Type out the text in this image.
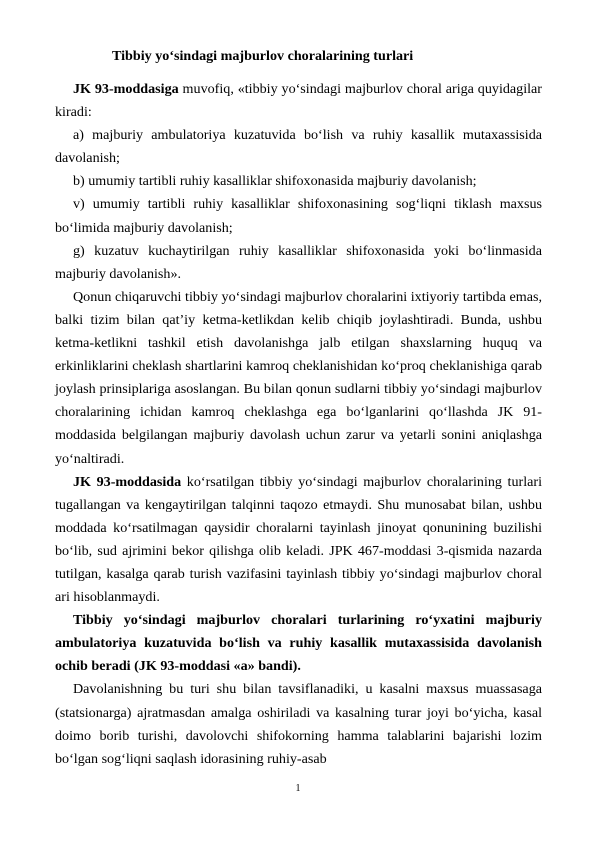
Tibbiy yo‘sindagi majburlov choralarining turlari

JK 93-moddasiga muvofiq, «tibbiy yo‘sindagi majburlov choral ariga quyidagilar kiradi:

a) majburiy ambulatoriya kuzatuvida bo‘lish va ruhiy kasallik mutaxassisida davolanish;

b) umumiy tartibli ruhiy kasalliklar shifoxonasida majburiy davolanish;

v) umumiy tartibli ruhiy kasalliklar shifoxonasining sog‘liqni tiklash maxsus bo‘limida majburiy davolanish;

g) kuzatuv kuchaytirilgan ruhiy kasalliklar shifoxonasida yoki bo‘linmasida majburiy davolanish».

Qonun chiqaruvchi tibbiy yo‘sindagi majburlov choralarini ixtiyoriy tartibda emas, balki tizim bilan qat’iy ketma-ketlikdan kelib chiqib joylashtiradi. Bunda, ushbu ketma-ketlikni tashkil etish davolanishga jalb etilgan shaxslarning huquq va erkinliklarini cheklash shartlarini kamroq cheklanishidan ko‘proq cheklanishiga qarab joylash prinsiplariga asoslangan. Bu bilan qonun sudlarni tibbiy yo‘sindagi majburlov choralarining ichidan kamroq cheklashga ega bo‘lganlarini qo‘llashda JK 91-moddasida belgilangan majburiy davolash uchun zarur va yetarli sonini aniqlashga yo‘naltiradi.

JK 93-moddasida ko‘rsatilgan tibbiy yo‘sindagi majburlov choralarining turlari tugallangan va kengaytirilgan talqinni taqozo etmaydi. Shu munosabat bilan, ushbu moddada ko‘rsatilmagan qaysidir choralarni tayinlash jinoyat qonunining buzilishi bo‘lib, sud ajrimini bekor qilishga olib keladi. JPK 467-moddasi 3-qismida nazarda tutilgan, kasalga qarab turish vazifasini tayinlash tibbiy yo‘sindagi majburlov choral ari hisoblanmaydi.

Tibbiy yo‘sindagi majburlov choralari turlarining ro‘yxatini majburiy ambulatoriya kuzatuvida bo‘lish va ruhiy kasallik mutaxassisida davolanish ochib beradi (JK 93-moddasi «a» bandi).

Davolanishning bu turi shu bilan tavsiflanadiki, u kasalni maxsus muassasaga (statsionarga) ajratmasdan amalga oshiriladi va kasalning turar joyi bo‘yicha, kasal doimo borib turishi, davolovchi shifokorning hamma talablarini bajarishi lozim bo‘lgan sog‘liqni saqlash idorasining ruhiy-asab

1
